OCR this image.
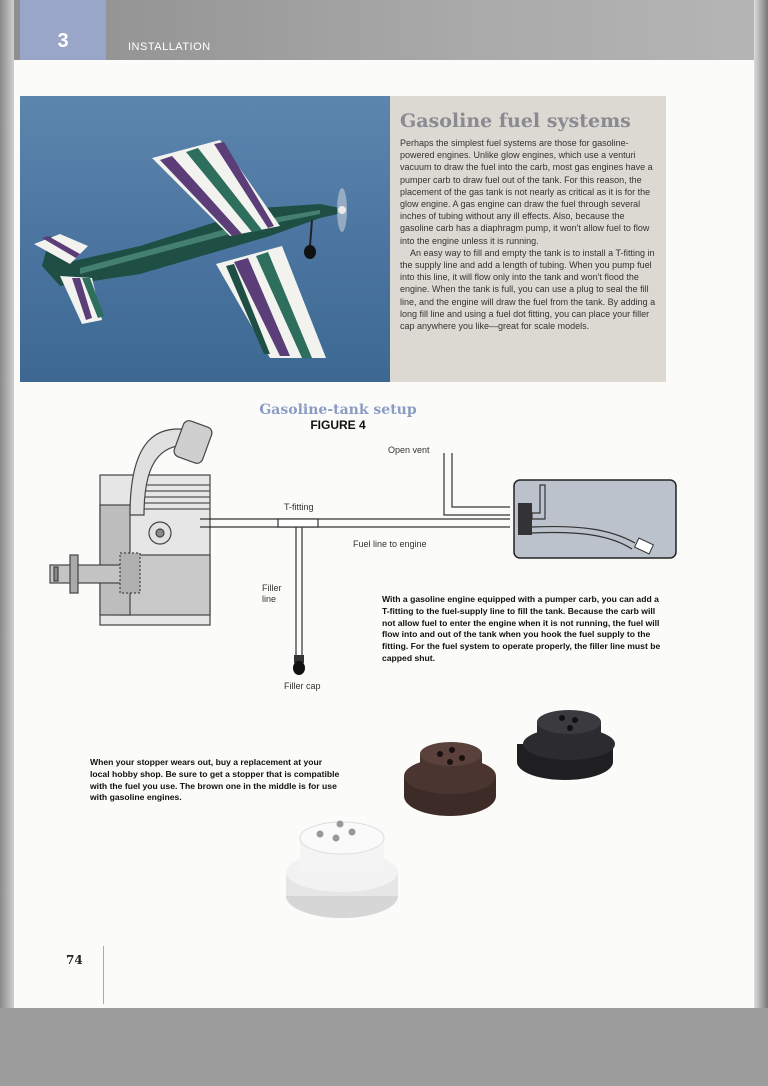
3	INSTALLATION
Gasoline fuel systems

Perhaps the simplest fuel systems are those for gasoline-powered engines. Unlike glow engines, which use a venturi vacuum to draw the fuel into the carb, most gas engines have a pumper carb to draw fuel out of the tank. For this reason, the placement of the gas tank is not nearly as critical as it is for the glow engine. A gas engine can draw the fuel through several inches of tubing without any ill effects. Also, because the gasoline carb has a diaphragm pump, it won't allow fuel to flow into the engine unless it is running.

An easy way to fill and empty the tank is to install a T-fitting in the supply line and add a length of tubing. When you pump fuel into this line, it will flow only into the tank and won't flood the engine. When the tank is full, you can use a plug to seal the fill line, and the engine will draw the fuel from the tank. By adding a long fill line and using a fuel dot fitting, you can place your filler cap anywhere you like—great for scale models.

Gasoline-tank setup
FIGURE 4
Open vent
T-fitting
Fuel line to engine
Filler line
Filler cap
With a gasoline engine equipped with a pumper carb, you can add a T-fitting to the fuel-supply line to fill the tank. Because the carb will not allow fuel to enter the engine when it is not running, the fuel will flow into and out of the tank when you hook the fuel supply to the fitting. For the fuel system to operate properly, the filler line must be capped shut.
When your stopper wears out, buy a replacement at your local hobby shop. Be sure to get a stopper that is compatible with the fuel you use. The brown one in the middle is for use with gasoline engines.
74
